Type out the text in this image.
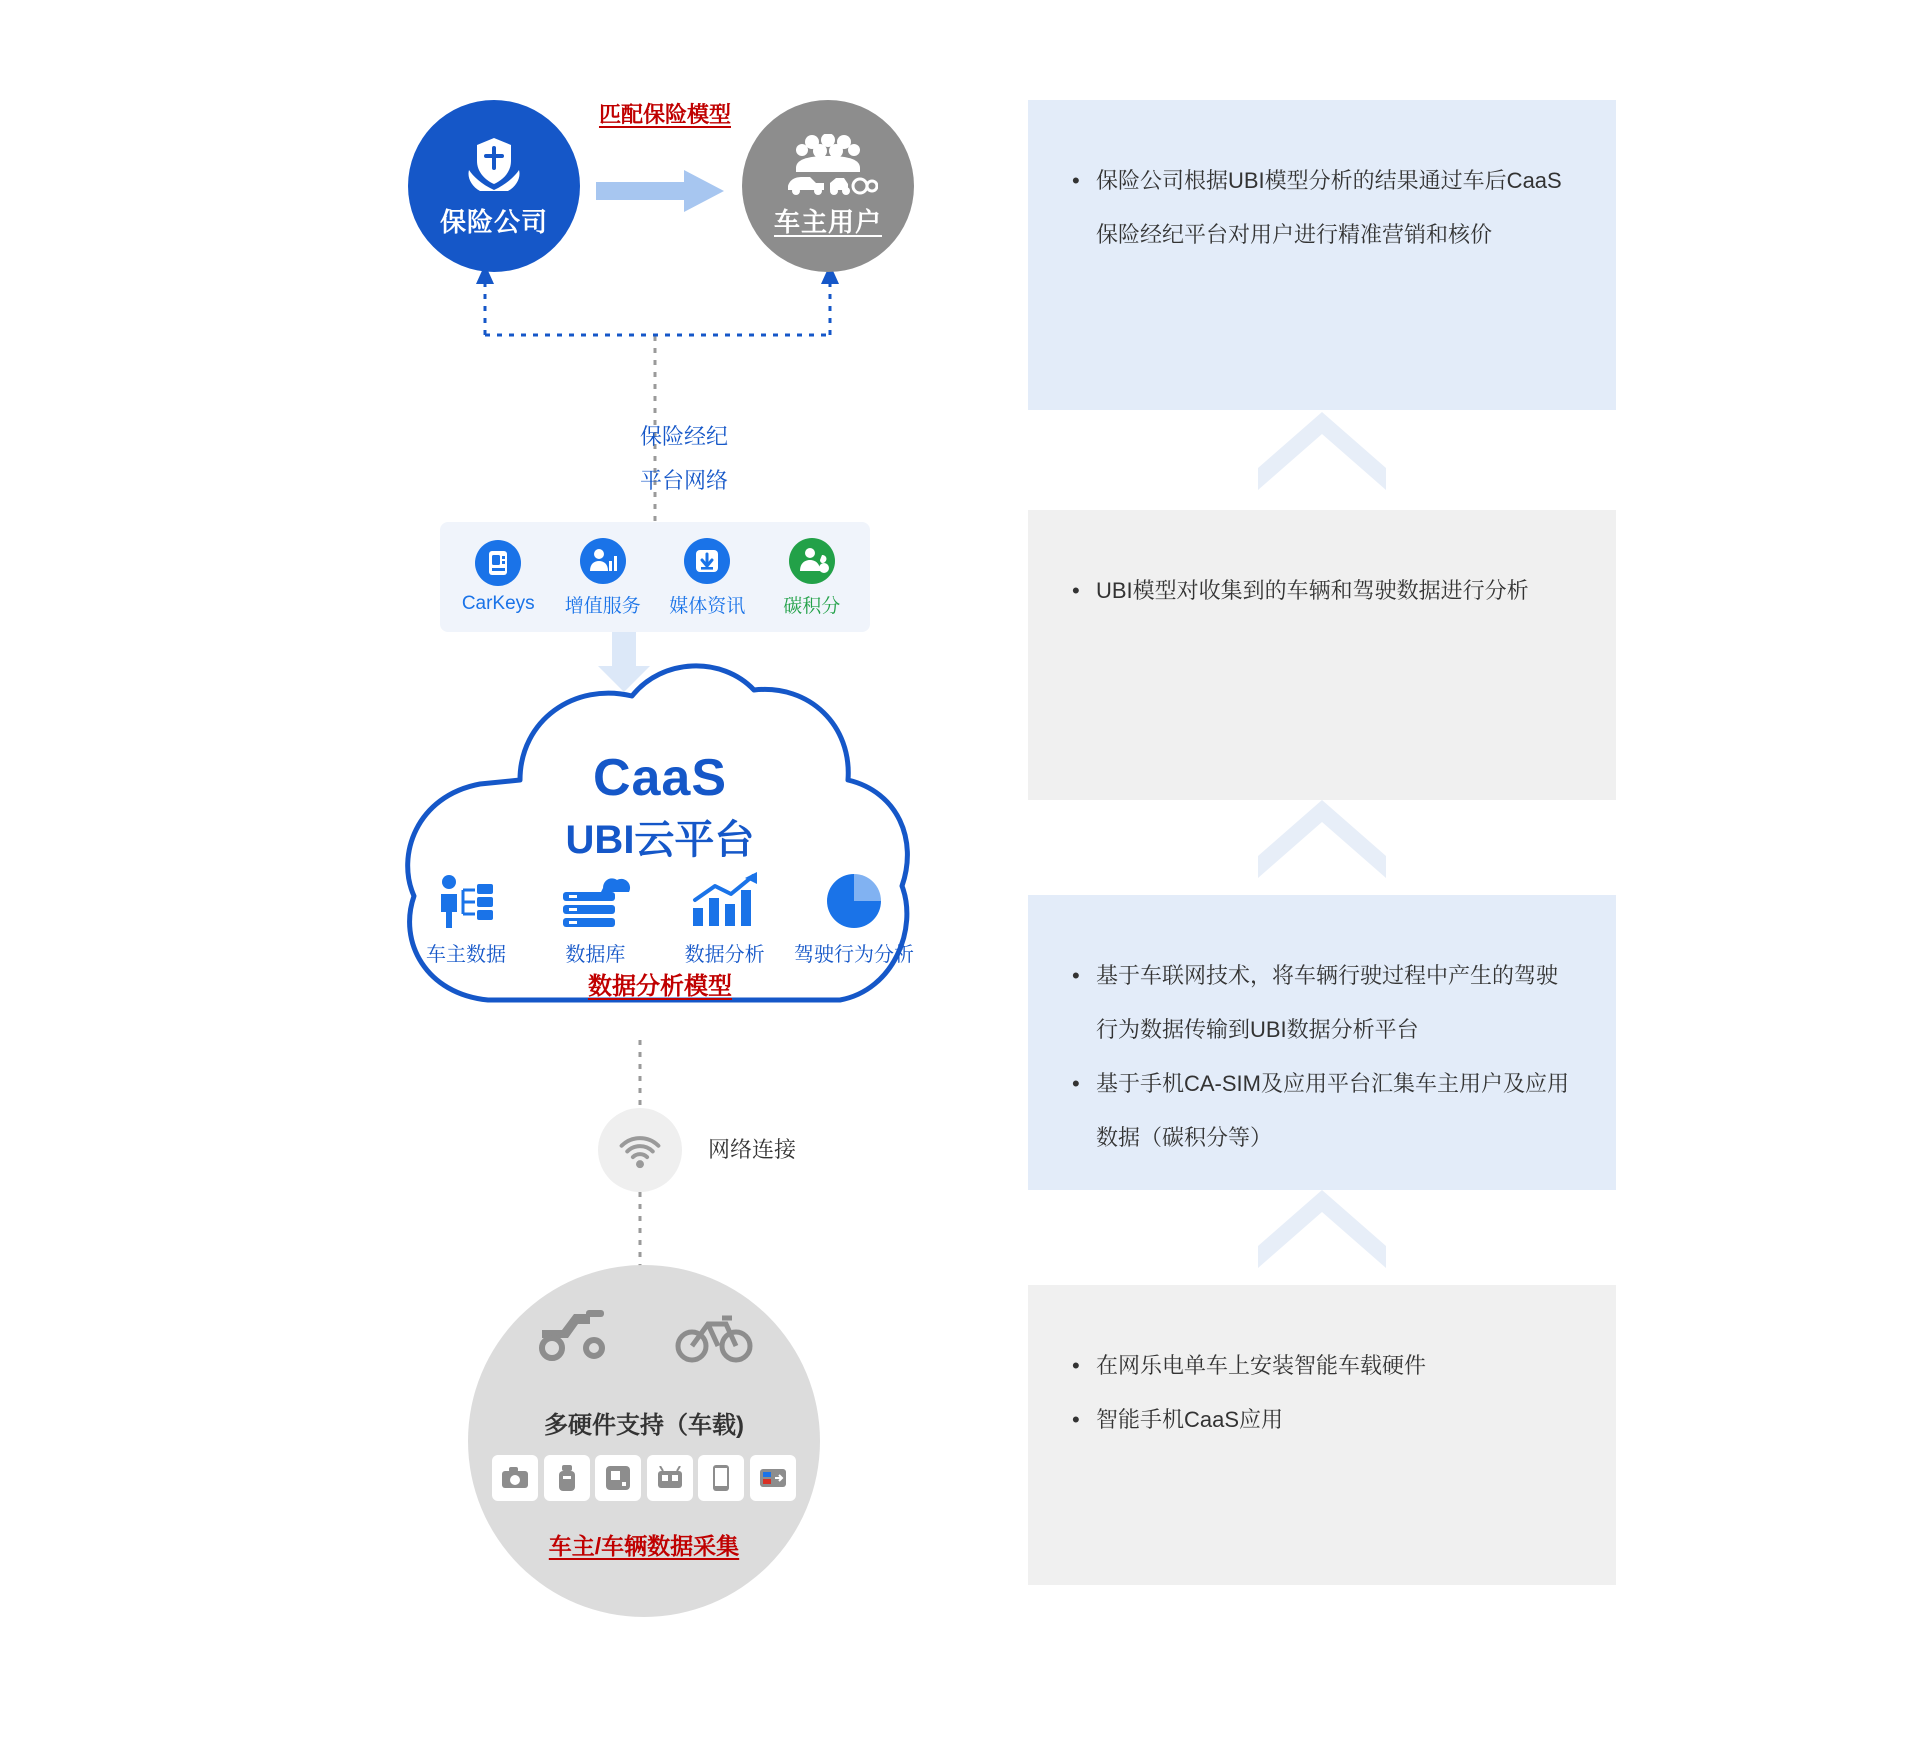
保险公司	车主用户
匹配保险模型
保险经纪
平台网络
CarKeys 增值服务 媒体资讯 碳积分
CaaS
UBI云平台
车主数据	数据库	数据分析 驾驶行为分析
数据分析模型
网络连接
多硬件支持（车载)
车主/车辆数据采集
• 保险公司根据UBI模型分析的结果通过车后CaaS保险经纪平台对用户进行精准营销和核价
• UBI模型对收集到的车辆和驾驶数据进行分析
• 基于车联网技术，将车辆行驶过程中产生的驾驶行为数据传输到UBI数据分析平台
• 基于手机CA-SIM及应用平台汇集车主用户及应用数据（碳积分等）
• 在网乐电单车上安装智能车载硬件
• 智能手机CaaS应用
